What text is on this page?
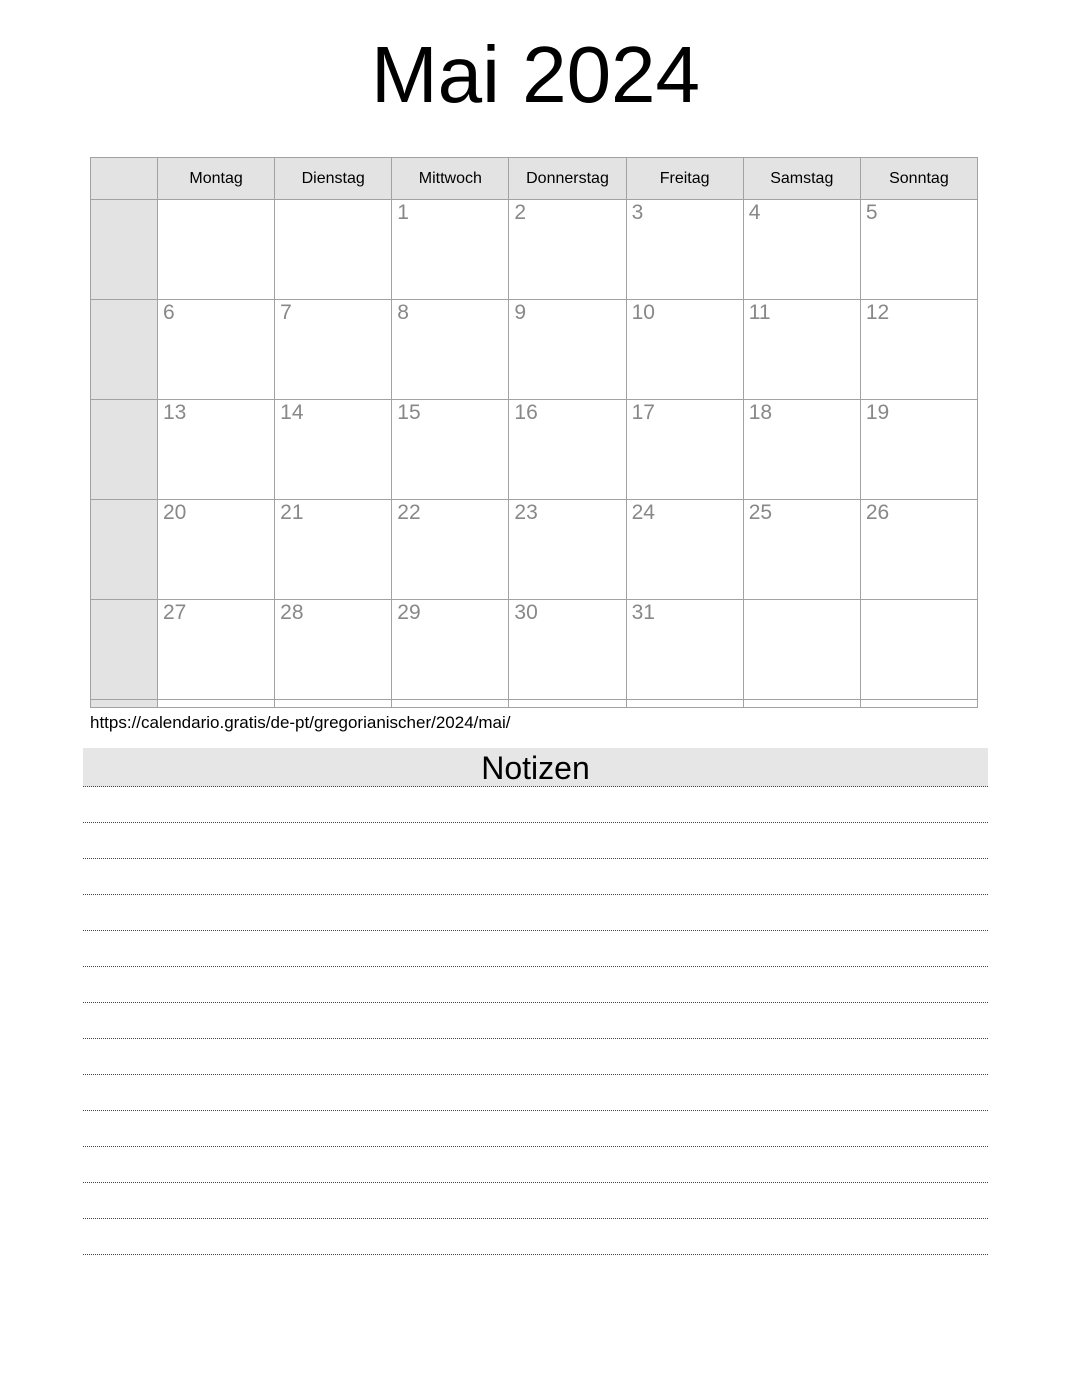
Mai 2024
	Montag	Dienstag	Mittwoch	Donnerstag	Freitag	Samstag	Sonntag
			1	2	3	4	5
	6	7	8	9	10	11	12
	13	14	15	16	17	18	19
	20	21	22	23	24	25	26
	27	28	29	30	31		

https://calendario.gratis/de-pt/gregorianischer/2024/mai/
Notizen
